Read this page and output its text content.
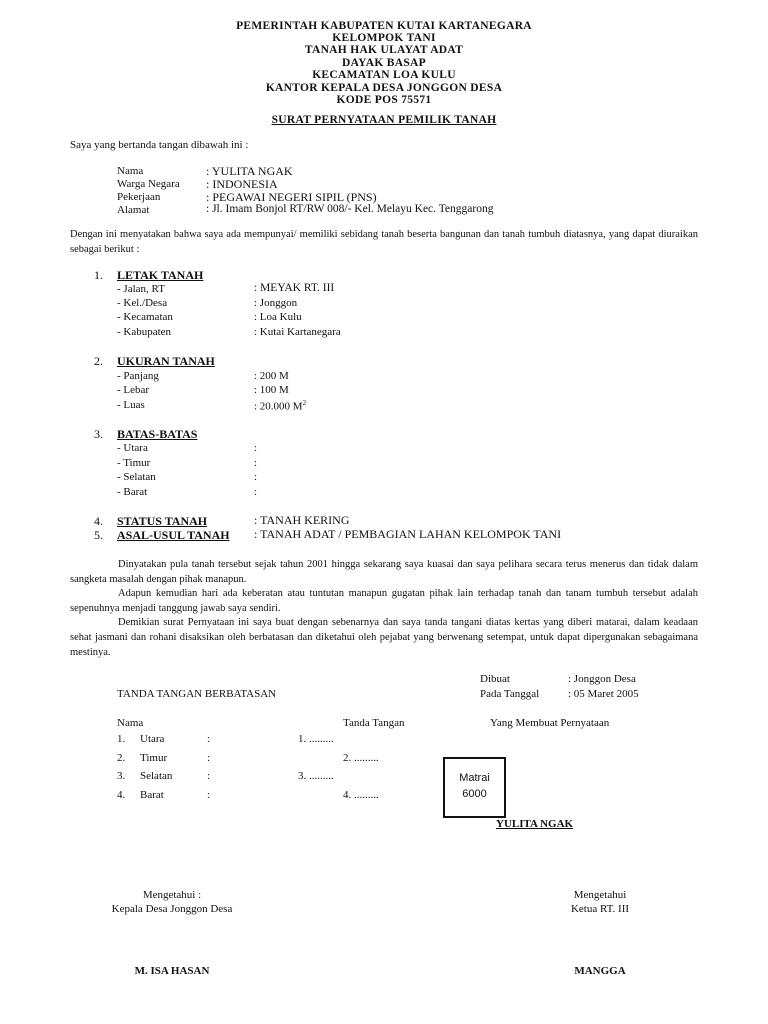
PEMERINTAH KABUPATEN KUTAI KARTANEGARA
KELOMPOK TANI
TANAH HAK ULAYAT ADAT
DAYAK BASAP
KECAMATAN LOA KULU
KANTOR KEPALA DESA JONGGON DESA
KODE POS 75571
SURAT PERNYATAAN PEMILIK TANAH
Saya yang bertanda tangan dibawah ini :
Nama	: YULITA NGAK
Warga Negara : INDONESIA
Pekerjaan	: PEGAWAI NEGERI SIPIL (PNS)
Alamat	: Jl. Imam Bonjol RT/RW 008/- Kel. Melayu Kec. Tenggarong
Dengan ini menyatakan bahwa saya ada mempunyai/ memiliki sebidang tanah beserta bangunan dan tanah tumbuh diatasnya, yang dapat diuraikan sebagai berikut :
1. LETAK TANAH
- Jalan, RT	: MEYAK RT. III
- Kel./Desa	: Jonggon
- Kecamatan	: Loa Kulu
- Kabupaten	: Kutai Kartanegara
2. UKURAN TANAH
- Panjang	: 200 M
- Lebar	: 100 M
- Luas	: 20.000 $M^2$
3. BATAS-BATAS
- Utara	:
- Timur	:
- Selatan	:
- Barat	:
4. STATUS TANAH	: TANAH KERING
5. ASAL-USUL TANAH : TANAH ADAT / PEMBAGIAN LAHAN KELOMPOK TANI
Dinyatakan pula tanah tersebut sejak tahun 2001 hingga sekarang saya kuasai dan saya pelihara secara terus menerus dan tidak dalam sangketa masalah dengan pihak manapun.
Adapun kemudian hari ada keberatan atau tuntutan manapun gugatan pihak lain terhadap tanah dan tanam tumbuh tersebut adalah sepenuhnya menjadi tanggung jawab saya sendiri.
Demikian surat Pernyataan ini saya buat dengan sebenarnya dan saya tanda tangani diatas kertas yang diberi matarai, dalam keadaan sehat jasmani dan rohani disaksikan oleh berbatasan dan diketahui oleh pejabat yang berwenang setempat, untuk dapat dipergunakan sebagaimana mestinya.
Dibuat	: Jonggon Desa
Pada Tanggal	: 05 Maret 2005
TANDA TANGAN BERBATASAN
Nama	Tanda Tangan	Yang Membuat Pernyataan
1. Utara	:	1. .........
2. Timur	:	2. .........
3. Selatan	:	3. .........
4. Barat	:	4. .........
Matrai
6000
YULITA NGAK
Mengetahui :
Kepala Desa Jonggon Desa
M. ISA HASAN
Mengetahui
Ketua RT. III
MANGGA
